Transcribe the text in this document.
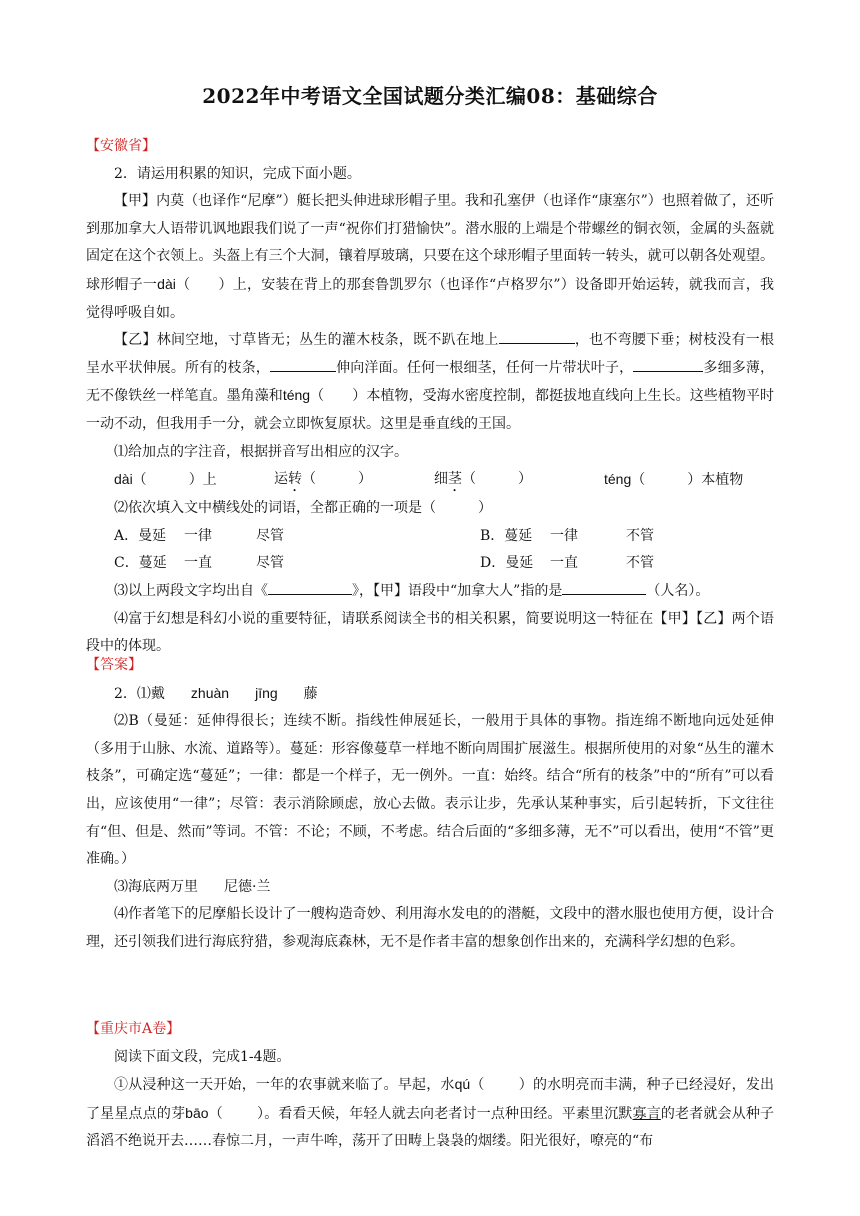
2022年中考语文全国试题分类汇编08：基础综合
【安徽省】
2．请运用积累的知识，完成下面小题。
【甲】内莫（也译作“尼摩”）艇长把头伸进球形帽子里。我和孔塞伊（也译作“康塞尔”）也照着做了，还听到那加拿大人语带讥讽地跟我们说了一声“祝你们打猎愉快”。潜水服的上端是个带螺丝的铜衣领，金属的头盔就固定在这个衣领上。头盔上有三个大洞，镶着厚玻璃，只要在这个球形帽子里面转一转头，就可以朝各处观望。球形帽子一dài（ ）上，安装在背上的那套鲁凯罗尔（也译作“卢格罗尔”）设备即开始运转，就我而言，我觉得呼吸自如。
【乙】林间空地，寸草皆无；丛生的灌木枝条，既不趴在地上	，也不弯腰下垂；树枝没有一根呈水平状伸展。所有的枝条，	伸向洋面。任何一根细茎，任何一片带状叶子，	多细多薄，无不像铁丝一样笔直。墨角藻和téng（ ）本植物，受海水密度控制，都挺拔地直线向上生长。这些植物平时一动不动，但我用手一分，就会立即恢复原状。这里是垂直线的王国。
⑴给加点的字注音，根据拼音写出相应的汉字。
dài（	）上	运转（　　　）	细茎（　　　）	téng（	）本植物
⑵依次填入文中横线处的词语，全都正确的一项是（　　　）
A．曼延	一律	尽管	B．蔓延	一律	不管
C．蔓延	一直	尽管	D．曼延	一直	不管
⑶以上两段文字均出自《	》，【甲】语段中“加拿大人”指的是	（人名）。
⑷富于幻想是科幻小说的重要特征，请联系阅读全书的相关积累，简要说明这一特征在【甲】【乙】两个语段中的体现。
【答案】
2．⑴戴 zhuàn jīng 藤
⑵B（曼延：延伸得很长；连续不断。指线性伸展延长，一般用于具体的事物。指连绵不断地向远处延伸（多用于山脉、水流、道路等）。蔓延：形容像蔓草一样地不断向周围扩展滋生。根据所使用的对象“丛生的灌木枝条”，可确定选“蔓延”；一律：都是一个样子，无一例外。一直：始终。结合“所有的枝条”中的“所有”可以看出，应该使用“一律”；尽管：表示消除顾虑，放心去做。表示让步，先承认某种事实，后引起转折，下文往往有“但、但是、然而”等词。不管：不论；不顾，不考虑。结合后面的“多细多薄，无不”可以看出，使用“不管”更准确。）
⑶海底两万里 尼德·兰
⑷作者笔下的尼摩船长设计了一艘构造奇妙、利用海水发电的的潜艇，文段中的潜水服也使用方便，设计合理，还引领我们进行海底狩猎，参观海底森林，无不是作者丰富的想象创作出来的，充满科学幻想的色彩。
【重庆市A卷】
阅读下面文段，完成1-4题。
①从浸种这一天开始，一年的农事就来临了。早起，水qú（ ）的水明亮而丰满，种子已经浸好，发出了星星点点的芽bāo（ ）。看看天候，年轻人就去向老者讨一点种田经。平素里沉默寡言的老者就会从种子滔滔不绝说开去……春惊二月，一声牛哞，荡开了田畴上袅袅的烟缕。阳光很好，嘹亮的“布
